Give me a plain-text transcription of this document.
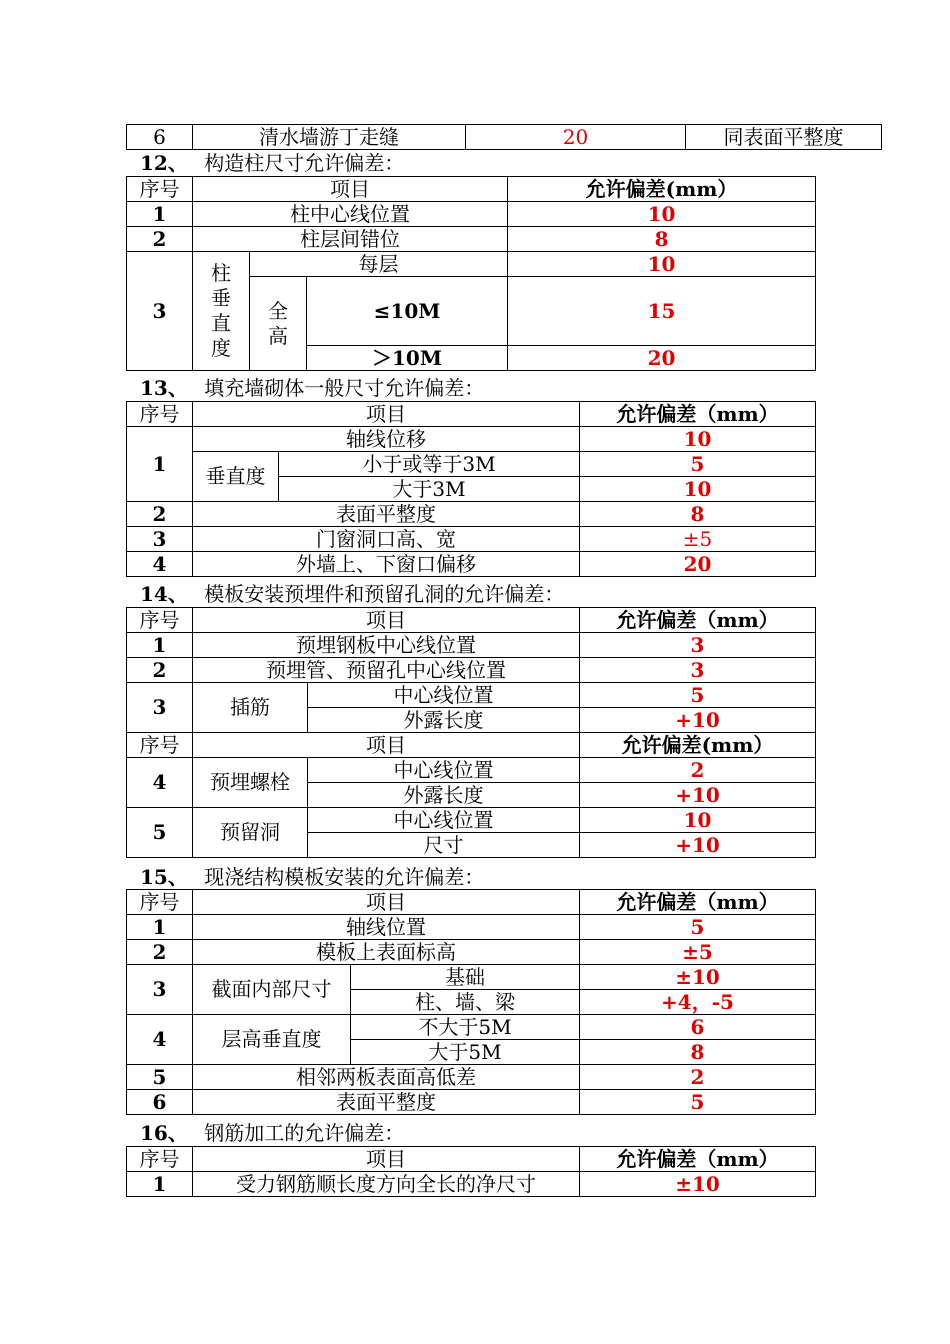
6	清水墙游丁走缝	20	同表面平整度
12、 构造柱尺寸允许偏差：
序号	项目			允许偏差(mm）
1	柱中心线位置			10
2	柱层间错位			8
3	柱垂直度	每层		10
		全高	≤10M	15
			＞10M	20
13、 填充墙砌体一般尺寸允许偏差：
序号	项目		允许偏差（mm）
1	轴线位移		10
	垂直度	小于或等于3M	5
		大于3M	10
2	表面平整度		8
3	门窗洞口高、宽		±5
4	外墙上、下窗口偏移		20
14、 模板安装预埋件和预留孔洞的允许偏差：
序号	项目		允许偏差（mm）
1	预埋钢板中心线位置		3
2	预埋管、预留孔中心线位置		3
3	插筋	中心线位置	5
		外露长度	+10
序号	项目		允许偏差(mm）
4	预埋螺栓	中心线位置	2
		外露长度	+10
5	预留洞	中心线位置	10
		尺寸	+10
15、 现浇结构模板安装的允许偏差：
序号	项目		允许偏差（mm）
1	轴线位置		5
2	模板上表面标高		±5
3	截面内部尺寸	基础	±10
		柱、墙、梁	+4，-5
4	层高垂直度	不大于5M	6
		大于5M	8
5	相邻两板表面高低差		2
6	表面平整度		5
16、 钢筋加工的允许偏差：
序号	项目	允许偏差（mm）
1	受力钢筋顺长度方向全长的净尺寸	±10
